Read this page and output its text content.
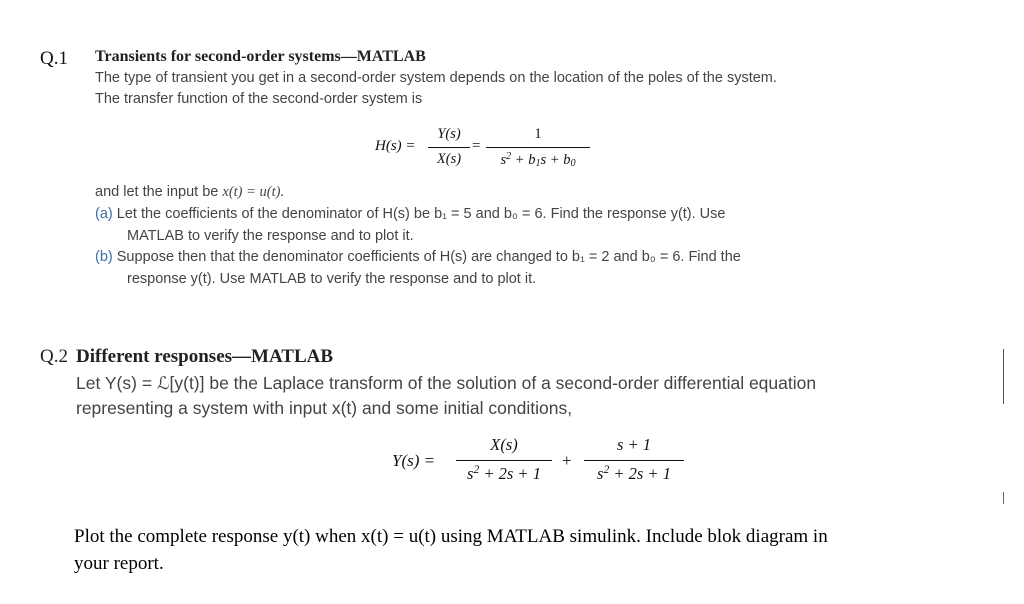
Q.1 Transients for second-order systems—MATLAB
The type of transient you get in a second-order system depends on the location of the poles of the system.
The transfer function of the second-order system is
H(s) =
Y(s)
X(s)
=
1
$s^2 + b_1s + b_0$
and let the input be x(t) = u(t).
(a) Let the coefficients of the denominator of H(s) be b₁ = 5 and b₀ = 6. Find the response y(t). Use
MATLAB to verify the response and to plot it.
(b) Suppose then that the denominator coefficients of H(s) are changed to b₁ = 2 and b₀ = 6. Find the
response y(t). Use MATLAB to verify the response and to plot it.
Q.2 Different responses—MATLAB
Let Y(s) = ℒ[y(t)] be the Laplace transform of the solution of a second-order differential equation
representing a system with input x(t) and some initial conditions,
Y(s) =
X(s)
$s^2 + 2s + 1$
+
s + 1
$s^2 + 2s + 1$
Plot the complete response y(t) when x(t) = u(t) using MATLAB simulink. Include blok diagram in
your report.
